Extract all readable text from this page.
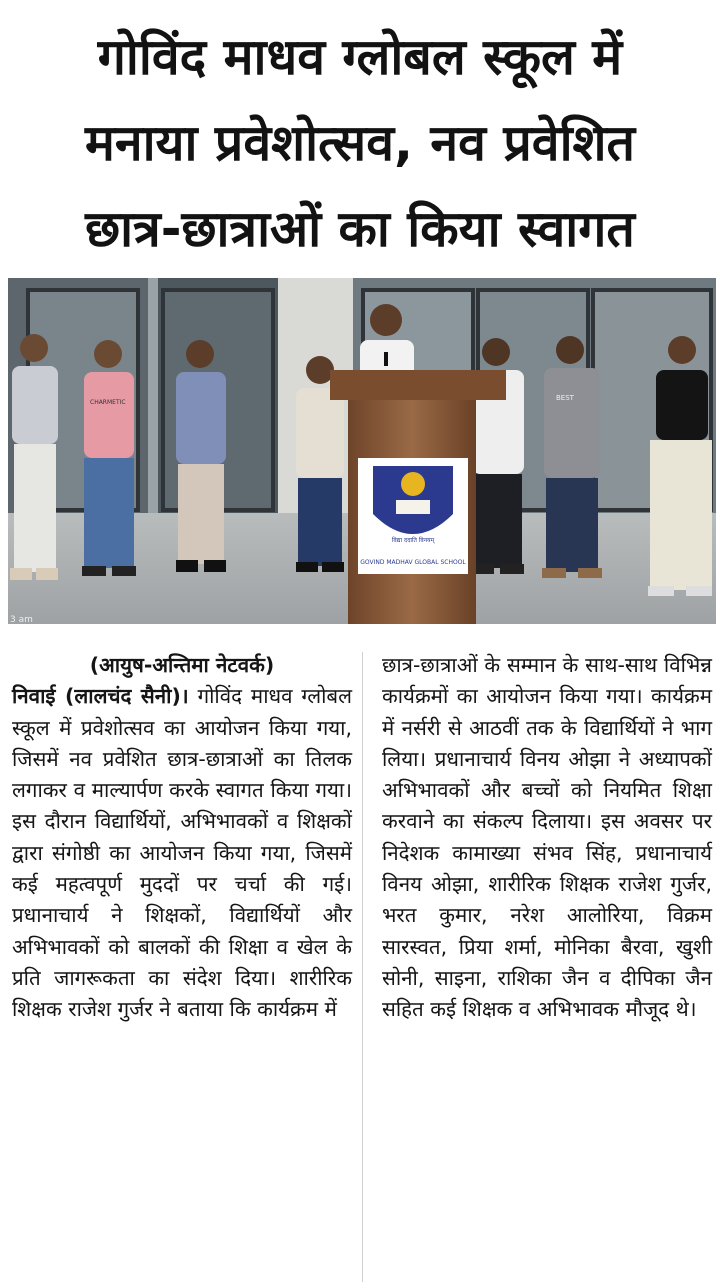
गोविंद माधव ग्लोबल स्कूल में
मनाया प्रवेशोत्सव, नव प्रवेशित
छात्र-छात्राओं का किया स्वागत
CHARMETIC
BEST
विद्या ददाति विनयम्
GOVIND MADHAV GLOBAL SCHOOL
3 am

(आयुष-अन्तिमा नेटवर्क)
निवाई (लालचंद सैनी)। गोविंद माधव ग्लोबल स्कूल में प्रवेशोत्सव का आयोजन किया गया, जिसमें नव प्रवेशित छात्र-छात्राओं का तिलक लगाकर व माल्यार्पण करके स्वागत किया गया। इस दौरान विद्यार्थियों, अभिभावकों व शिक्षकों द्वारा संगोष्ठी का आयोजन किया गया, जिसमें कई महत्वपूर्ण मुददों पर चर्चा की गई। प्रधानाचार्य ने शिक्षकों, विद्यार्थियों और अभिभावकों को बालकों की शिक्षा व खेल के प्रति जागरूकता का संदेश दिया। शारीरिक शिक्षक राजेश गुर्जर ने बताया कि कार्यक्रम में

छात्र-छात्राओं के सम्मान के साथ-साथ विभिन्न कार्यक्रमों का आयोजन किया गया। कार्यक्रम में नर्सरी से आठवीं तक के विद्यार्थियों ने भाग लिया। प्रधानाचार्य विनय ओझा ने अध्यापकों अभिभावकों और बच्चों को नियमित शिक्षा करवाने का संकल्प दिलाया। इस अवसर पर निदेशक कामाख्या संभव सिंह, प्रधानाचार्य विनय ओझा, शारीरिक शिक्षक राजेश गुर्जर, भरत कुमार, नरेश आलोरिया, विक्रम सारस्वत, प्रिया शर्मा, मोनिका बैरवा, खुशी सोनी, साइना, राशिका जैन व दीपिका जैन सहित कई शिक्षक व अभिभावक मौजूद थे।
